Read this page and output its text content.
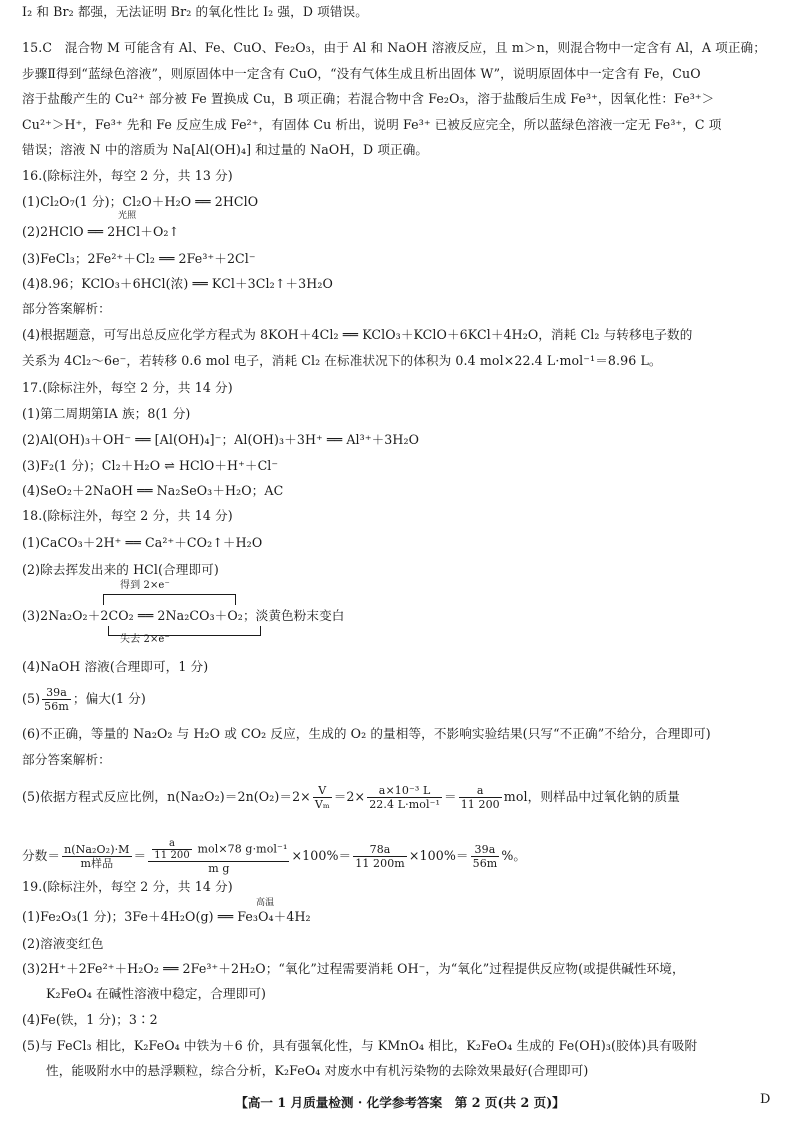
I₂ 和 Br₂ 都强，无法证明 Br₂ 的氧化性比 I₂ 强，D 项错误。
15.C　混合物 M 可能含有 Al、Fe、CuO、Fe₂O₃，由于 Al 和 NaOH 溶液反应，且 m＞n，则混合物中一定含有 Al，A 项正确；
步骤Ⅱ得到“蓝绿色溶液”，则原固体中一定含有 CuO，“没有气体生成且析出固体 W”，说明原固体中一定含有 Fe，CuO
溶于盐酸产生的 Cu²⁺ 部分被 Fe 置换成 Cu，B 项正确；若混合物中含 Fe₂O₃，溶于盐酸后生成 Fe³⁺，因氧化性：Fe³⁺＞
Cu²⁺＞H⁺，Fe³⁺ 先和 Fe 反应生成 Fe²⁺，有固体 Cu 析出，说明 Fe³⁺ 已被反应完全，所以蓝绿色溶液一定无 Fe³⁺，C 项
错误；溶液 N 中的溶质为 Na[Al(OH)₄] 和过量的 NaOH，D 项正确。
16.(除标注外，每空 2 分，共 13 分)
(1)Cl₂O₇(1 分)；Cl₂O＋H₂O ══ 2HClO
(2)2HClO ══ 2HCl＋O₂↑
光照
(3)FeCl₃；2Fe²⁺＋Cl₂ ══ 2Fe³⁺＋2Cl⁻
(4)8.96；KClO₃＋6HCl(浓) ══ KCl＋3Cl₂↑＋3H₂O
部分答案解析：
(4)根据题意，可写出总反应化学方程式为 8KOH＋4Cl₂ ══ KClO₃＋KClO＋6KCl＋4H₂O，消耗 Cl₂ 与转移电子数的
关系为 4Cl₂～6e⁻，若转移 0.6 mol 电子，消耗 Cl₂ 在标准状况下的体积为 0.4 mol×22.4 L·mol⁻¹＝8.96 L。
17.(除标注外，每空 2 分，共 14 分)
(1)第二周期第ⅠA 族；8(1 分)
(2)Al(OH)₃＋OH⁻ ══ [Al(OH)₄]⁻；Al(OH)₃＋3H⁺ ══ Al³⁺＋3H₂O
(3)F₂(1 分)；Cl₂＋H₂O ⇌ HClO＋H⁺＋Cl⁻
(4)SeO₂＋2NaOH ══ Na₂SeO₃＋H₂O；AC
18.(除标注外，每空 2 分，共 14 分)
(1)CaCO₃＋2H⁺ ══ Ca²⁺＋CO₂↑＋H₂O
(2)除去挥发出来的 HCl(合理即可)
得到 2×e⁻
(3)2Na₂O₂＋2CO₂ ══ 2Na₂CO₃＋O₂；淡黄色粉末变白
失去 2×e⁻
(4)NaOH 溶液(合理即可，1 分)
$(5) \frac{39a}{56m}$ ；偏大(1 分)
(6)不正确，等量的 Na₂O₂ 与 H₂O 或 CO₂ 反应，生成的 O₂ 的量相等，不影响实验结果(只写“不正确”不给分，合理即可)
部分答案解析：
(5)依据方程式反应比例，$n(Na_2O_2)=2n(O_2)=2\times \frac{V}{\text{Vₘ}} =2\times \frac{\text{a×10⁻³ L}}{\text{22.4 L·mol⁻¹}} = \frac{a}{11 200}$ mol，则样品中过氧化钠的质量
分数＝ $\frac{\text{n(Na₂O₂)·M}}{\text{m样品}} = \frac{\frac{a}{11 200} mol\times 78 g\cdot mol^{-1}}{\text{m g}} \times 100\%= \frac{78a}{11 200m} \times 100\%= \frac{39a}{56m}$ %。
19.(除标注外，每空 2 分，共 14 分)
高温
(1)Fe₂O₃(1 分)；3Fe＋4H₂O(g) ══ Fe₃O₄＋4H₂
(2)溶液变红色
(3)2H⁺＋2Fe²⁺＋H₂O₂ ══ 2Fe³⁺＋2H₂O；“氧化”过程需要消耗 OH⁻，为“氧化”过程提供反应物(或提供碱性环境，
K₂FeO₄ 在碱性溶液中稳定，合理即可)
(4)Fe(铁，1 分)；3∶2
(5)与 FeCl₃ 相比，K₂FeO₄ 中铁为＋6 价，具有强氧化性，与 KMnO₄ 相比，K₂FeO₄ 生成的 Fe(OH)₃(胶体)具有吸附
性，能吸附水中的悬浮颗粒，综合分析，K₂FeO₄ 对废水中有机污染物的去除效果最好(合理即可)
【高一 1 月质量检测 · 化学参考答案　第 2 页(共 2 页)】	D
